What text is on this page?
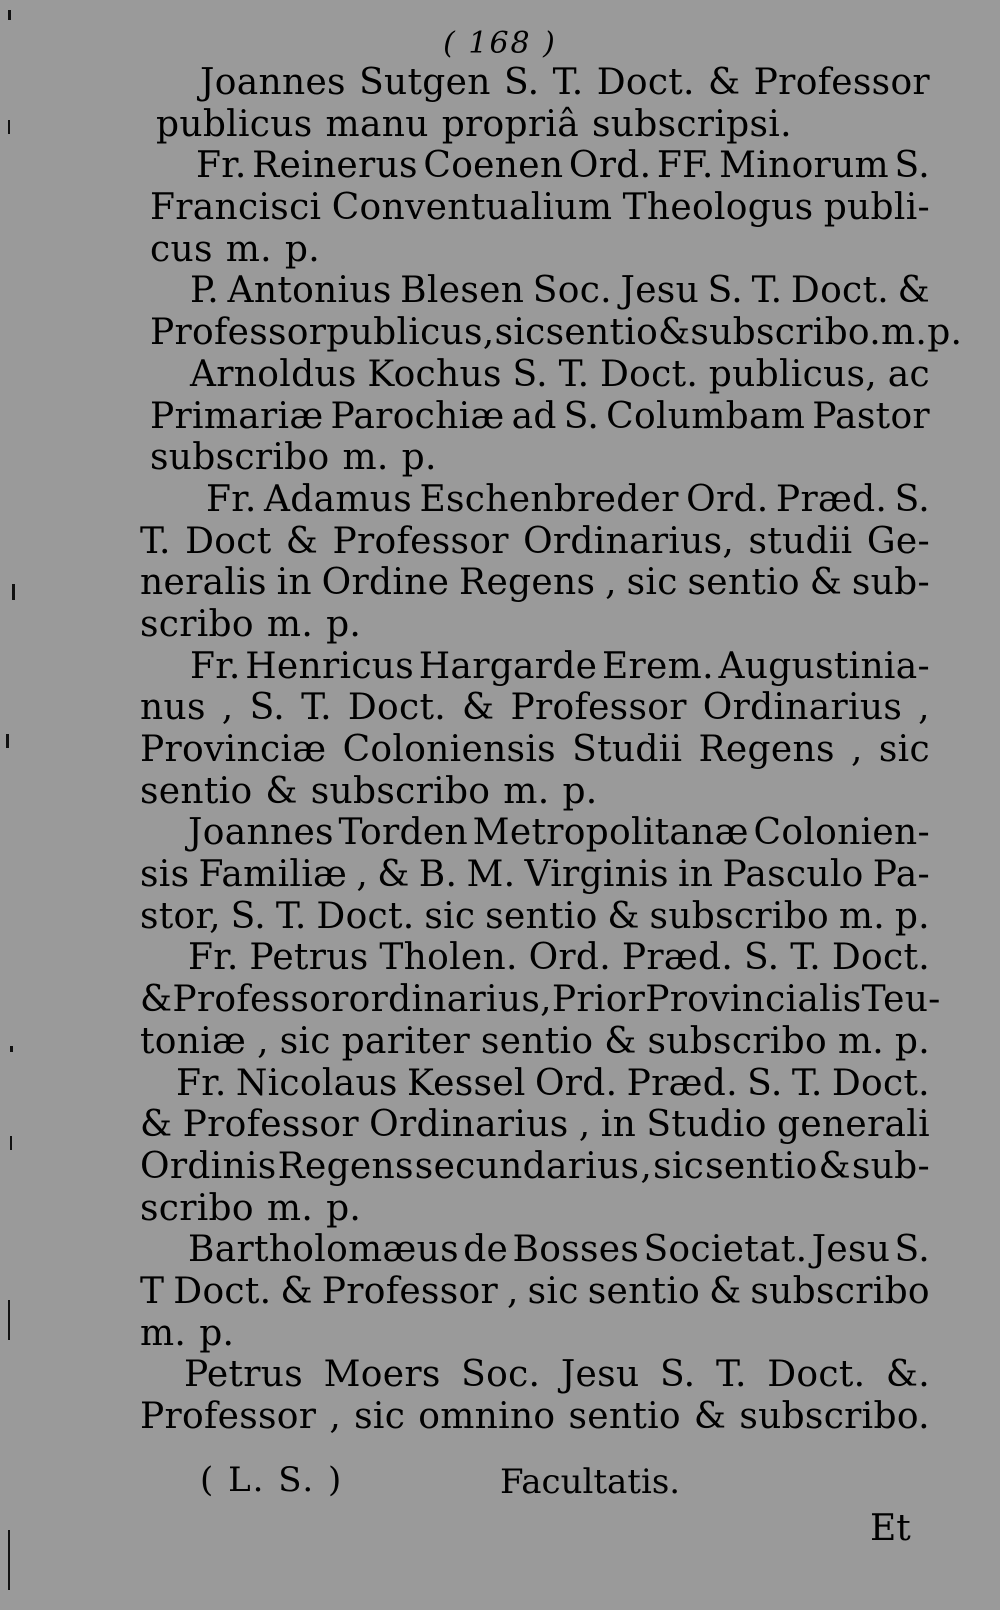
( 168 )
Joannes Sutgen S. T. Doct. & Professor
publicus manu propriâ subscripsi.
Fr. Reinerus Coenen Ord. FF. Minorum S.
Francisci Conventualium Theologus publi-
cus m. p.
P. Antonius Blesen Soc. Jesu S. T. Doct. &
Professor publicus, sic sentio & subscribo. m. p.
Arnoldus Kochus S. T. Doct. publicus, ac
Primariæ Parochiæ ad S. Columbam Pastor
subscribo m. p.
Fr. Adamus Eschenbreder Ord. Præd. S.
T. Doct & Professor Ordinarius, studii Ge-
neralis in Ordine Regens , sic sentio & sub-
scribo m. p.
Fr. Henricus Hargarde Erem. Augustinia-
nus , S. T. Doct. & Professor Ordinarius ,
Provinciæ Coloniensis Studii Regens , sic
sentio & subscribo m. p.
Joannes Torden Metropolitanæ Colonien-
sis Familiæ , & B. M. Virginis in Pasculo Pa-
stor, S. T. Doct. sic sentio & subscribo m. p.
Fr. Petrus Tholen. Ord. Præd. S. T. Doct.
& Professor ordinarius, Prior Provincialis Teu-
toniæ , sic pariter sentio & subscribo m. p.
Fr. Nicolaus Kessel Ord. Præd. S. T. Doct.
& Professor Ordinarius , in Studio generali
Ordinis Regens secundarius , sic sentio & sub-
scribo m. p.
Bartholomæus de Bosses Societat. Jesu S.
T Doct. & Professor , sic sentio & subscribo
m. p.
Petrus Moers Soc. Jesu S. T. Doct. &.
Professor , sic omnino sentio & subscribo.
( L. S. )	Facultatis.
Et
